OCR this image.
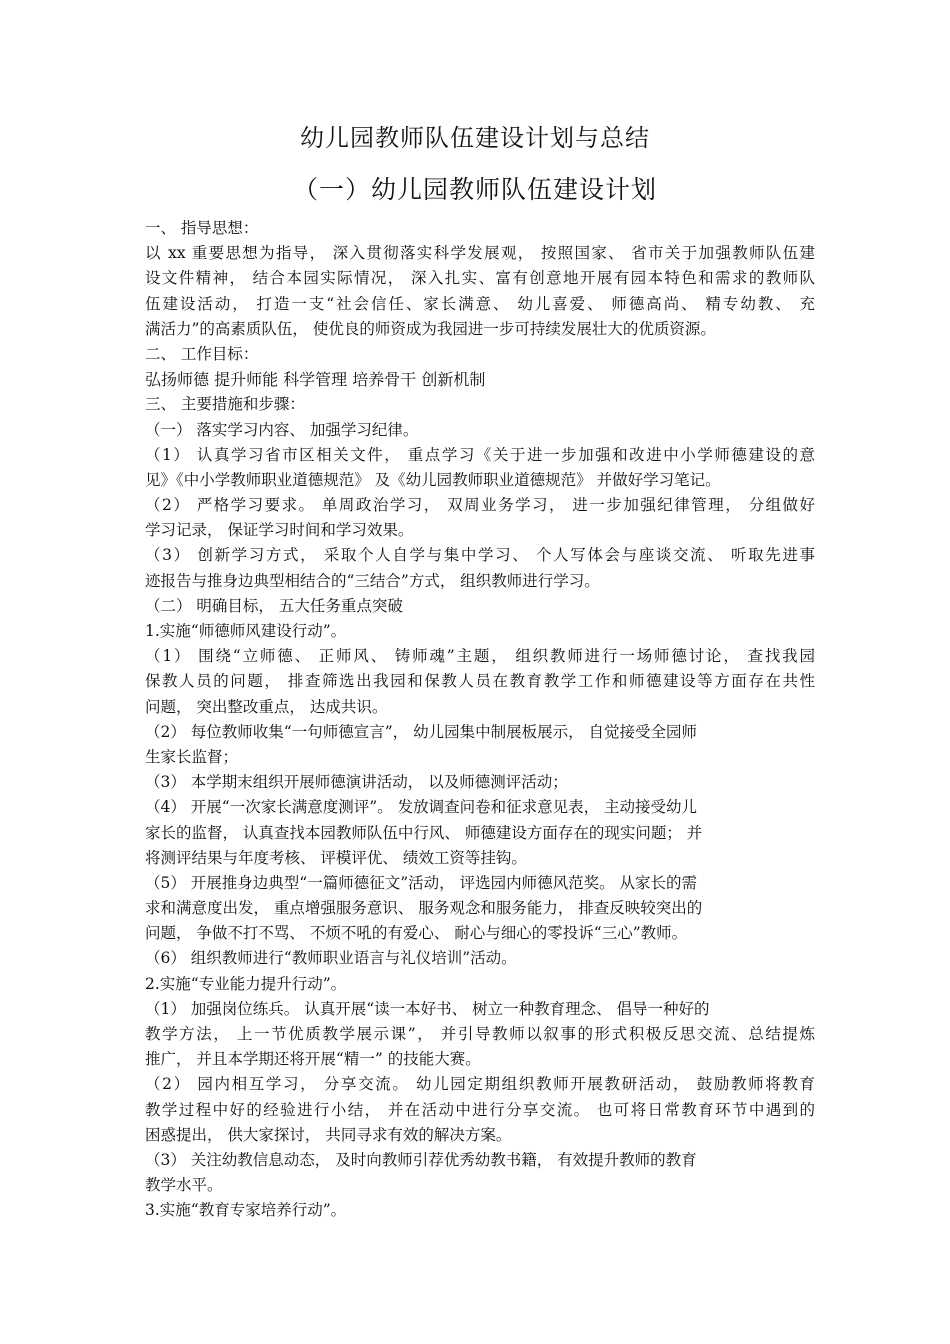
幼儿园教师队伍建设计划与总结
（一）幼儿园教师队伍建设计划
一、 指导思想：
以 xx 重要思想为指导， 深入贯彻落实科学发展观， 按照国家、 省市关于加强教师队伍建
设文件精神， 结合本园实际情况， 深入扎实、富有创意地开展有园本特色和需求的教师队
伍建设活动， 打造一支“社会信任、家长满意、 幼儿喜爱、 师德高尚、 精专幼教、 充
满活力”的高素质队伍， 使优良的师资成为我园进一步可持续发展壮大的优质资源。
二、 工作目标：
弘扬师德 提升师能 科学管理 培养骨干 创新机制
三、 主要措施和步骤：
（一） 落实学习内容、 加强学习纪律。
（1） 认真学习省市区相关文件， 重点学习《关于进一步加强和改进中小学师德建设的意
见》《中小学教师职业道德规范》 及《幼儿园教师职业道德规范》 并做好学习笔记。
（2） 严格学习要求。 单周政治学习， 双周业务学习， 进一步加强纪律管理， 分组做好
学习记录， 保证学习时间和学习效果。
（3） 创新学习方式， 采取个人自学与集中学习、 个人写体会与座谈交流、 听取先进事
迹报告与推身边典型相结合的“三结合”方式， 组织教师进行学习。
（二） 明确目标， 五大任务重点突破
1.实施“师德师风建设行动”。
（1） 围绕“立师德、 正师风、 铸师魂”主题， 组织教师进行一场师德讨论， 查找我园
保教人员的问题， 排查筛选出我园和保教人员在教育教学工作和师德建设等方面存在共性
问题， 突出整改重点， 达成共识。
（2） 每位教师收集“一句师德宣言”， 幼儿园集中制展板展示， 自觉接受全园师
生家长监督；
（3） 本学期末组织开展师德演讲活动， 以及师德测评活动；
（4） 开展“一次家长满意度测评”。 发放调查问卷和征求意见表， 主动接受幼儿
家长的监督， 认真查找本园教师队伍中行风、 师德建设方面存在的现实问题； 并
将测评结果与年度考核、 评模评优、 绩效工资等挂钩。
（5） 开展推身边典型“一篇师德征文”活动， 评选园内师德风范奖。 从家长的需
求和满意度出发， 重点增强服务意识、 服务观念和服务能力， 排查反映较突出的
问题， 争做不打不骂、 不烦不吼的有爱心、 耐心与细心的零投诉“三心”教师。
（6） 组织教师进行“教师职业语言与礼仪培训”活动。
2.实施“专业能力提升行动”。
（1） 加强岗位练兵。 认真开展“读一本好书、 树立一种教育理念、 倡导一种好的
教学方法， 上一节优质教学展示课”， 并引导教师以叙事的形式积极反思交流、总结提炼
推广， 并且本学期还将开展“精一” 的技能大赛。
（2） 园内相互学习， 分享交流。 幼儿园定期组织教师开展教研活动， 鼓励教师将教育
教学过程中好的经验进行小结， 并在活动中进行分享交流。 也可将日常教育环节中遇到的
困惑提出， 供大家探讨， 共同寻求有效的解决方案。
（3） 关注幼教信息动态， 及时向教师引荐优秀幼教书籍， 有效提升教师的教育
教学水平。
3.实施“教育专家培养行动”。
